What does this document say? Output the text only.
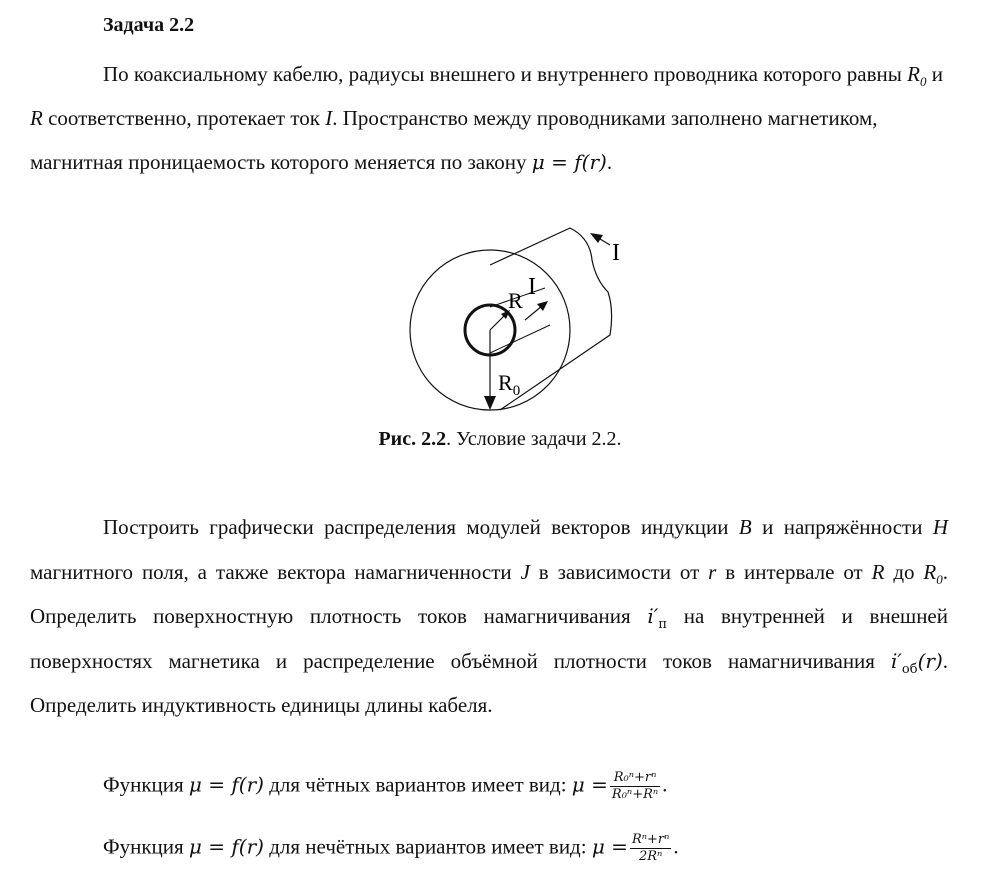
Задача 2.2
По коаксиальному кабелю, радиусы внешнего и внутреннего проводника которого равны $R_0$ и R соответственно, протекает ток I. Пространство между проводниками заполнено магнетиком, магнитная проницаемость которого меняется по закону μ = f(r).
I
I
R
$R_0$
Рис. 2.2. Условие задачи 2.2.
Построить графически распределения модулей векторов индукции B и напряжённости H магнитного поля, а также вектора намагниченности J в зависимости от r в интервале от R до $R_0$. Определить поверхностную плотность токов намагничивания $i'_п$ на внутренней и внешней поверхностях магнетика и распределение объёмной плотности токов намагничивания $i'_{об}(r)$. Определить индуктивность единицы длины кабеля.
Функция μ = f(r) для чётных вариантов имеет вид: $\mu = \frac{\text{R₀ⁿ+rⁿ}}{\text{R₀ⁿ+Rⁿ}}$ .
Функция μ = f(r) для нечётных вариантов имеет вид: $\mu = \frac{\text{Rⁿ+rⁿ}}{\text{2Rⁿ}}$ .
